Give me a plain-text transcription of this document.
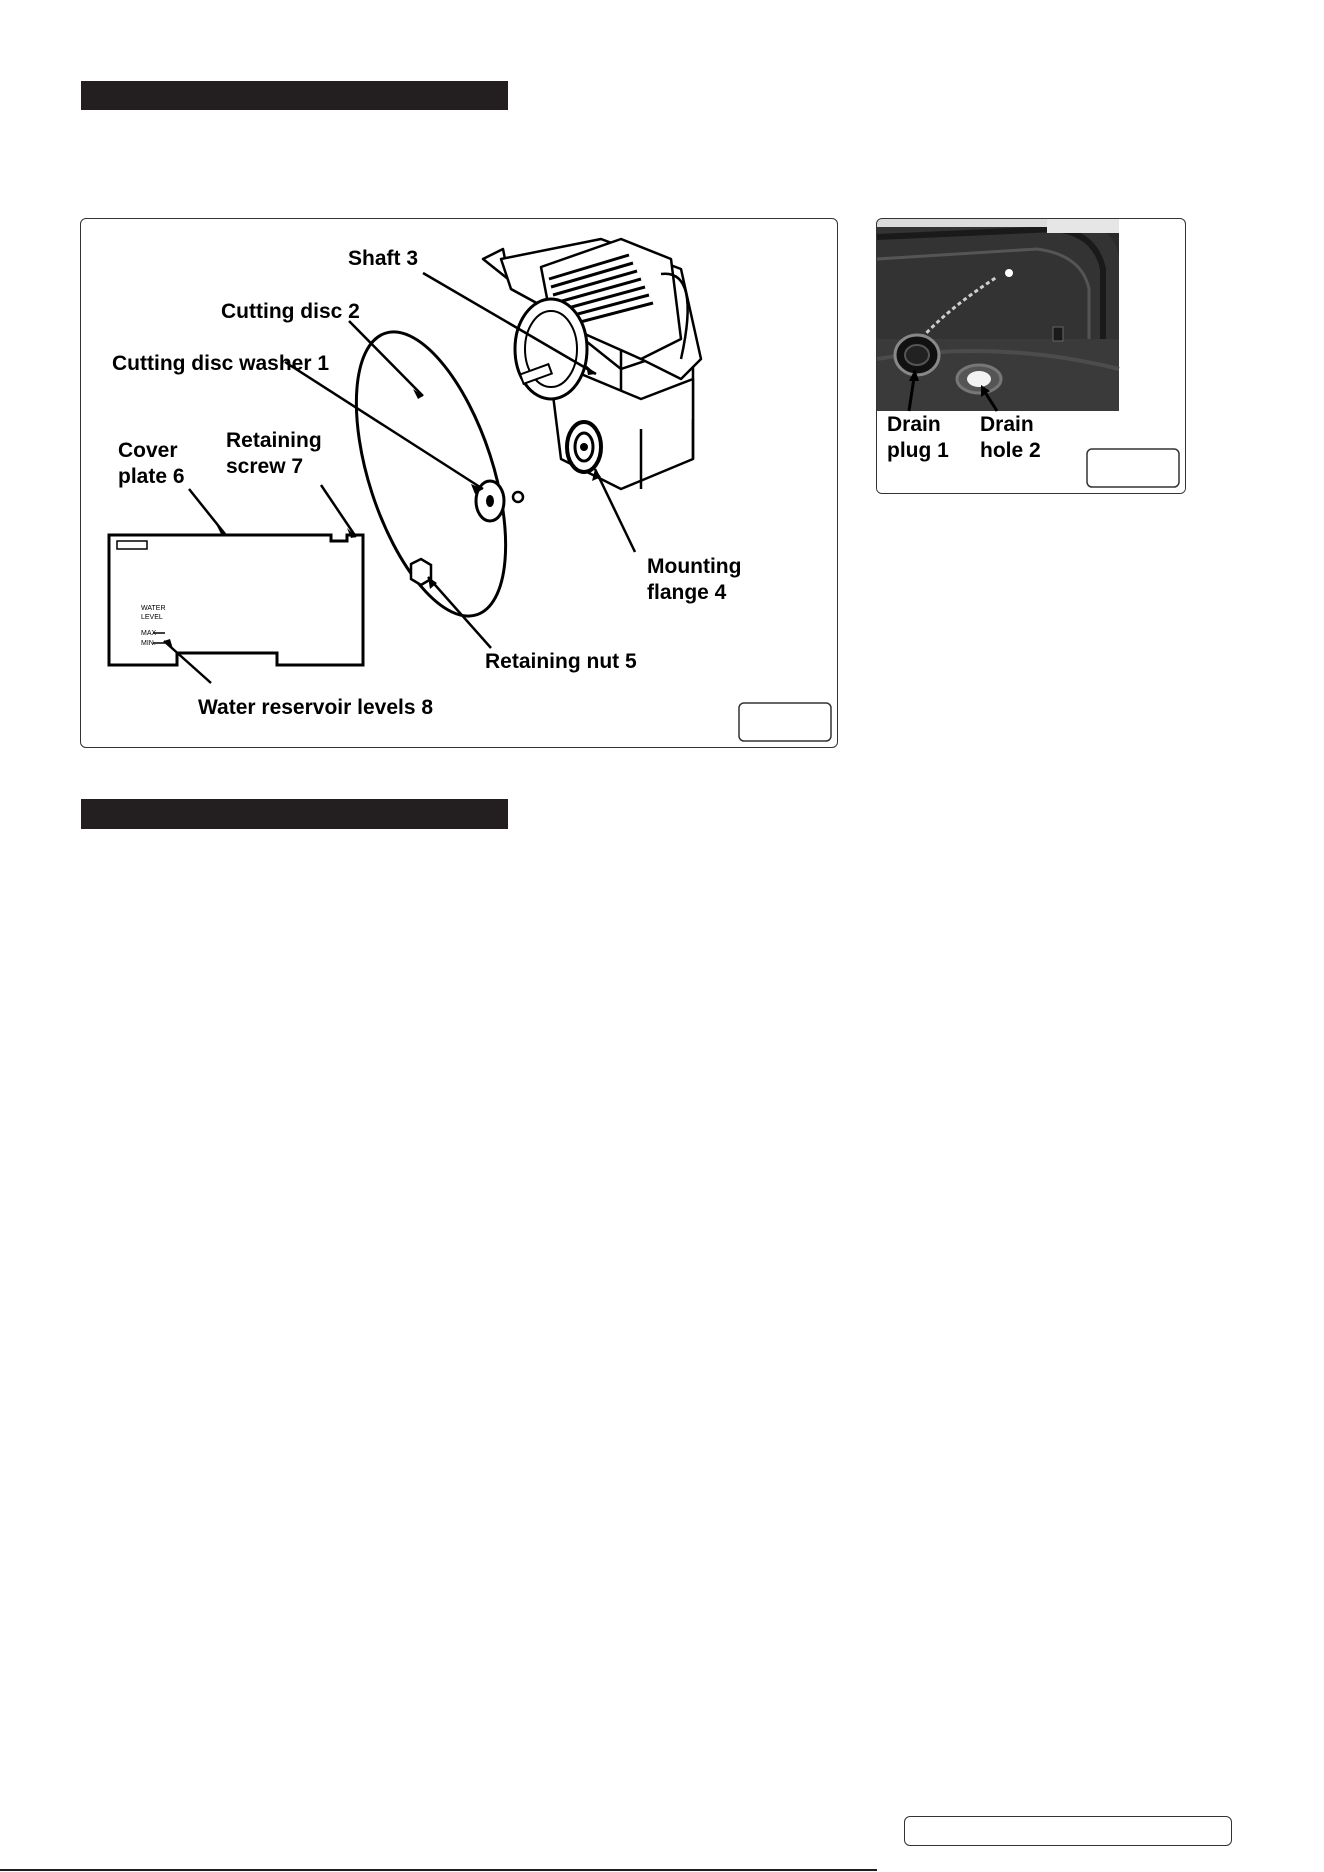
WATER
LEVEL
MAX
MIN.
Shaft 3
Cutting disc 2
Cutting disc washer 1
Cover
plate 6
Retaining
screw 7
Mounting
flange 4
Retaining nut 5
Water reservoir levels 8
Drain
plug 1
Drain
hole 2
